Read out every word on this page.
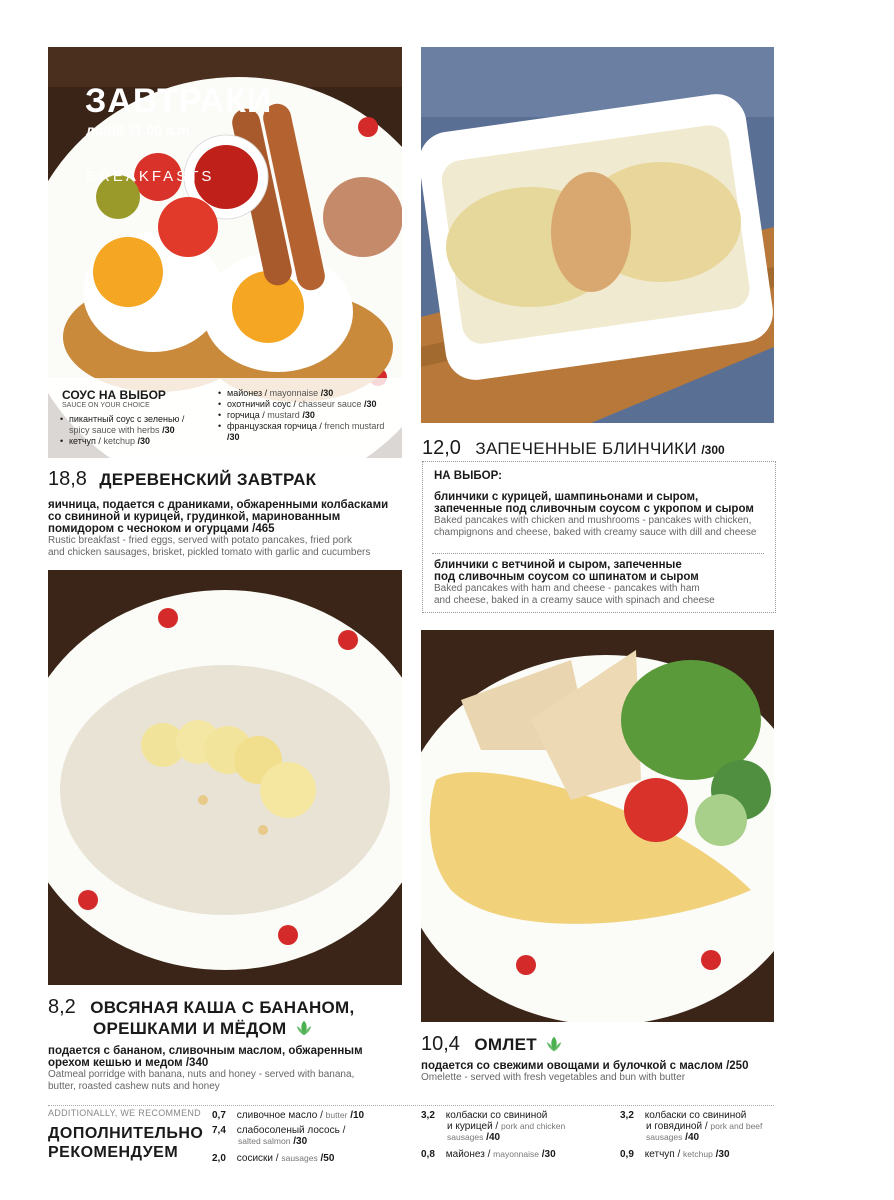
ЗАВТРАКИ
до/till 11.00 a.m.
BREAKFASTS
СОУС НА ВЫБОР
SAUCE ON YOUR CHOICE
• пикантный соус с зеленью /
spicy sauce with herbs /30
• кетчуп / ketchup /30
• майонез / mayonnaise /30
• охотничий соус / chasseur sauce /30
• горчица / mustard /30
• французская горчица / french mustard /30
18,8 ДЕРЕВЕНСКИЙ ЗАВТРАК
яичница, подается с драниками, обжаренными колбасками
со свининой и курицей, грудинкой, маринованным
помидором с чесноком и огурцами /465
Rustic breakfast - fried eggs, served with potato pancakes, fried pork
and chicken sausages, brisket, pickled tomato with garlic and cucumbers
12,0 ЗАПЕЧЕННЫЕ БЛИНЧИКИ /300
НА ВЫБОР:
блинчики с курицей, шампиньонами и сыром,
запеченные под сливочным соусом с укропом и сыром
Baked pancakes with chicken and mushrooms - pancakes with chicken,
champignons and cheese, baked with creamy sauce with dill and cheese
блинчики с ветчиной и сыром, запеченные
под сливочным соусом со шпинатом и сыром
Baked pancakes with ham and cheese - pancakes with ham
and cheese, baked in a creamy sauce with spinach and cheese
8,2 ОВСЯНАЯ КАША С БАНАНОМ,
ОРЕШКАМИ И МЁДОМ
подается с бананом, сливочным маслом, обжаренным
орехом кешью и медом /340
Oatmeal porridge with banana, nuts and honey - served with banana,
butter, roasted cashew nuts and honey
10,4 ОМЛЕТ
подается со свежими овощами и булочкой с маслом /250
Omelette - served with fresh vegetables and bun with butter
ADDITIONALLY, WE RECOMMEND
ДОПОЛНИТЕЛЬНО
РЕКОМЕНДУЕМ
0,7 сливочное масло / butter /10
7,4 слабосоленый лосось /
salted salmon /30
2,0 сосиски / sausages /50
3,2 колбаски со свининой
и курицей / pork and chicken
sausages /40
0,8 майонез / mayonnaise /30
3,2 колбаски со свининой
и говядиной / pork and beef
sausages /40
0,9 кетчуп / ketchup /30
